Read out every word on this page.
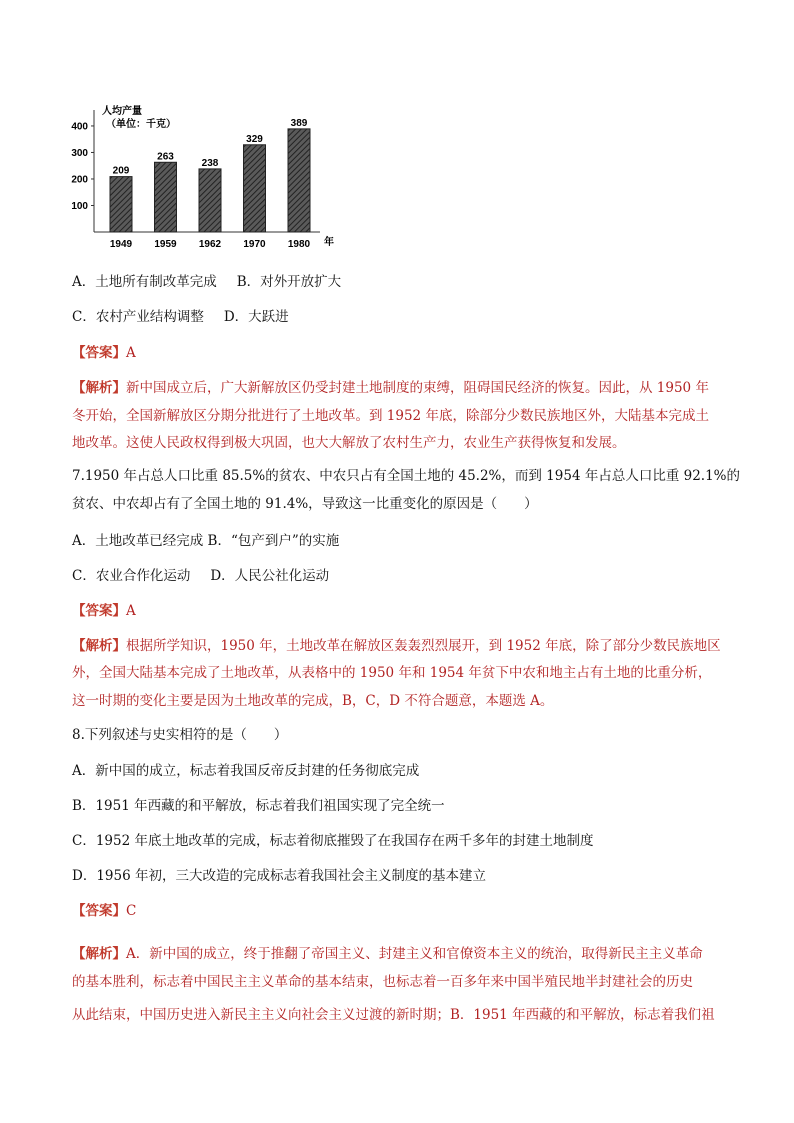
人均产量
（单位：千克）
年
100
200
300
400
209
1949
263
1959
238
1962
329
1970
389
1980
A．土地所有制改革完成 B．对外开放扩大
C．农村产业结构调整 D．大跃进
【答案】A
【解析】新中国成立后，广大新解放区仍受封建土地制度的束缚，阻碍国民经济的恢复。因此，从 1950 年
冬开始，全国新解放区分期分批进行了土地改革。到 1952 年底，除部分少数民族地区外，大陆基本完成土
地改革。这使人民政权得到极大巩固，也大大解放了农村生产力，农业生产获得恢复和发展。
7.1950 年占总人口比重 85.5%的贫农、中农只占有全国土地的 45.2%，而到 1954 年占总人口比重 92.1%的
贫农、中农却占有了全国土地的 91.4%，导致这一比重变化的原因是（　　）
A．土地改革已经完成 B．“包产到户”的实施
C．农业合作化运动 D．人民公社化运动
【答案】A
【解析】根据所学知识，1950 年，土地改革在解放区轰轰烈烈展开，到 1952 年底，除了部分少数民族地区
外，全国大陆基本完成了土地改革，从表格中的 1950 年和 1954 年贫下中农和地主占有土地的比重分析，
这一时期的变化主要是因为土地改革的完成，B，C，D 不符合题意，本题选 A。
8.下列叙述与史实相符的是（　　）
A．新中国的成立，标志着我国反帝反封建的任务彻底完成
B．1951 年西藏的和平解放，标志着我们祖国实现了完全统一
C．1952 年底土地改革的完成，标志着彻底摧毁了在我国存在两千多年的封建土地制度
D．1956 年初，三大改造的完成标志着我国社会主义制度的基本建立
【答案】C
【解析】A．新中国的成立，终于推翻了帝国主义、封建主义和官僚资本主义的统治，取得新民主主义革命
的基本胜利，标志着中国民主主义革命的基本结束，也标志着一百多年来中国半殖民地半封建社会的历史
从此结束，中国历史进入新民主主义向社会主义过渡的新时期；B．1951 年西藏的和平解放，标志着我们祖
